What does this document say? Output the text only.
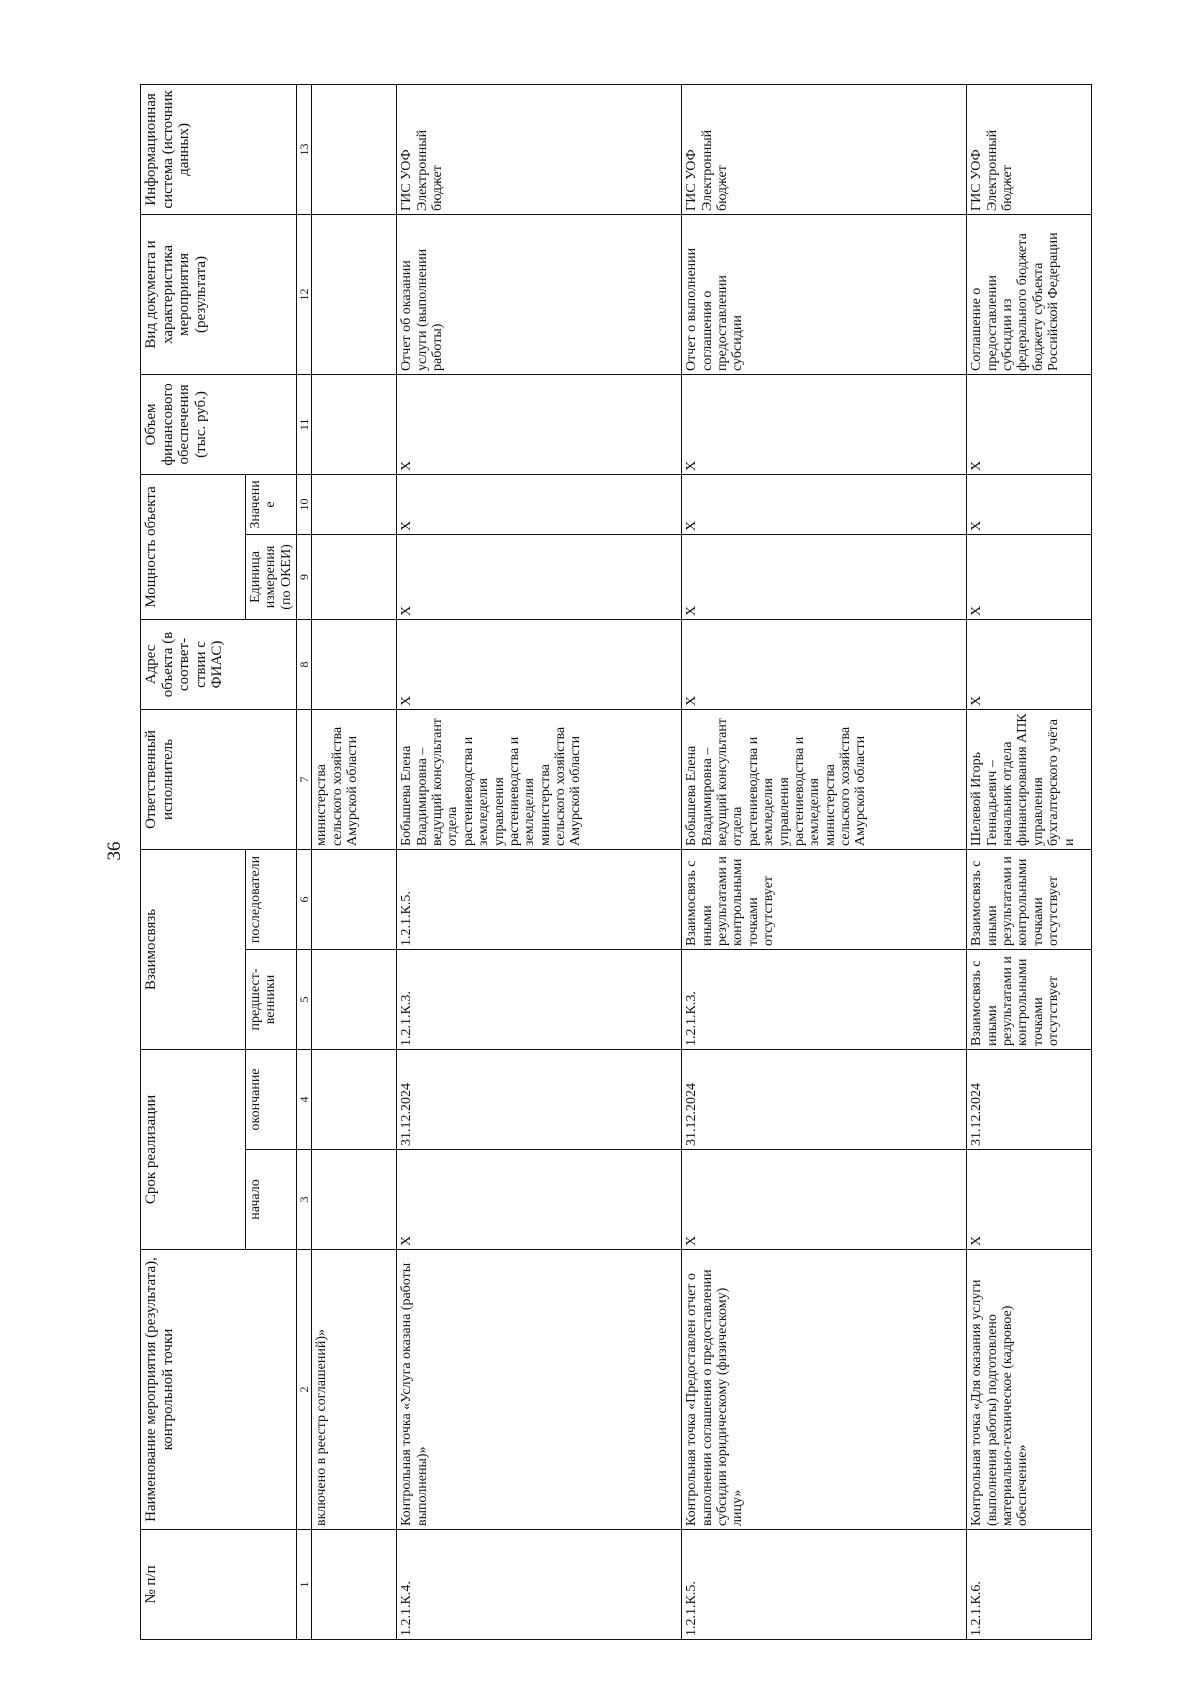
36
№ п/п	Наименование мероприятия (результата), контрольной точки	Срок реализации		Взаимосвязь		Ответственный исполнитель	Адрес объекта (в соответ-ствии с ФИАС)	Мощность объекта		Объем финансового обеспечения (тыс. руб.)	Вид документа и характеристика мероприятия (результата)	Информационная система (источник данных)
		начало	окончание	предшест-венники	последователи			Единица измерения (по ОКЕИ)	Значение			
1	2	3	4	5	6	7	8	9	10	11	12	13
	включено в реестр соглашений)»					министерства сельского хозяйства Амурской области						
1.2.1.К.4.	Контрольная точка «Услуга оказана (работы выполнены)»	X	31.12.2024	1.2.1.К.3.	1.2.1.К.5.	Бобышева Елена Владимировна – ведущий консультант отдела растениеводства и земледелия управления растениеводства и земледелия министерства сельского хозяйства Амурской области	X	X	X	X	Отчет об оказании услуги (выполнении работы)	ГИС УОФ Электронный бюджет
1.2.1.К.5.	Контрольная точка «Предоставлен отчет о выполнении соглашения о предоставлении субсидии юридическому (физическому) лицу»	X	31.12.2024	1.2.1.К.3.	Взаимосвязь с иными результатами и контрольными точками отсутствует	Бобышева Елена Владимировна – ведущий консультант отдела растениеводства и земледелия управления растениеводства и земледелия министерства сельского хозяйства Амурской области	X	X	X	X	Отчет о выполнении соглашения о предоставлении субсидии	ГИС УОФ Электронный бюджет
1.2.1.К.6.	Контрольная точка «Для оказания услуги (выполнения работы) подготовлено материально-техническое (кадровое) обеспечение»	X	31.12.2024	Взаимосвязь с иными результатами и контрольными точками отсутствует	Взаимосвязь с иными результатами и контрольными точками отсутствует	Шелевой Игорь Геннадьевич – начальник отдела финансирования АПК управления бухгалтерского учёта и	X	X	X	X	Соглашение о предоставлении субсидии из федерального бюджета бюджету субъекта Российской Федерации	ГИС УОФ Электронный бюджет
